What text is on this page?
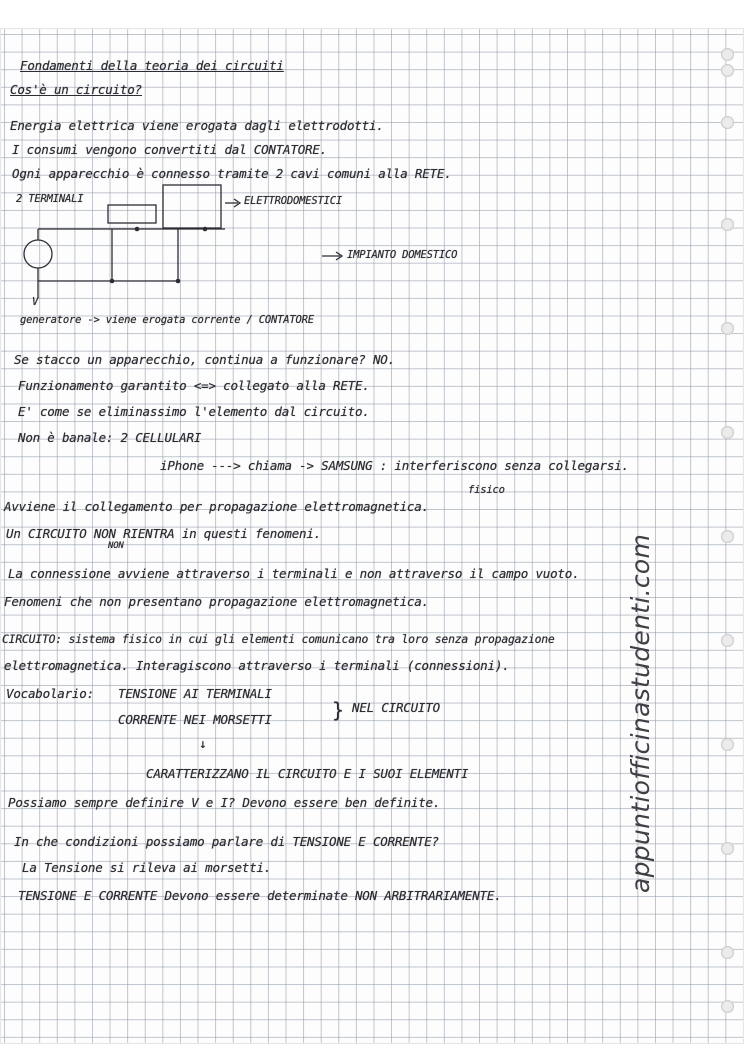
Fondamenti della teoria dei circuiti
Cos'è un circuito?
Energia elettrica viene erogata dagli elettrodotti.
I consumi vengono convertiti dal CONTATORE.
Ogni apparecchio è connesso tramite 2 cavi comuni alla RETE.
2 TERMINALI	ELETTRODOMESTICI
IMPIANTO DOMESTICO
V
generatore -> viene erogata corrente / CONTATORE
Se stacco un apparecchio, continua a funzionare? NO.
Funzionamento garantito <=> collegato alla RETE.
E' come se eliminassimo l'elemento dal circuito.
Non è banale: 2 CELLULARI
iPhone ---> chiama -> SAMSUNG : interferiscono senza collegarsi.
fisico
Avviene il collegamento per propagazione elettromagnetica.
Un CIRCUITO NON RIENTRA in questi fenomeni.
NON
La connessione avviene attraverso i terminali e non attraverso il campo vuoto.
Fenomeni che non presentano propagazione elettromagnetica.
CIRCUITO: sistema fisico in cui gli elementi comunicano tra loro senza propagazione
elettromagnetica. Interagiscono attraverso i terminali (connessioni).
Vocabolario: TENSIONE AI TERMINALI
CORRENTE NEI MORSETTI	} NEL CIRCUITO
↓
CARATTERIZZANO IL CIRCUITO E I SUOI ELEMENTI
Possiamo sempre definire V e I? Devono essere ben definite.
In che condizioni possiamo parlare di TENSIONE E CORRENTE?
La Tensione si rileva ai morsetti.
TENSIONE E CORRENTE Devono essere determinate NON ARBITRARIAMENTE.
appuntiofficinastudenti.com
